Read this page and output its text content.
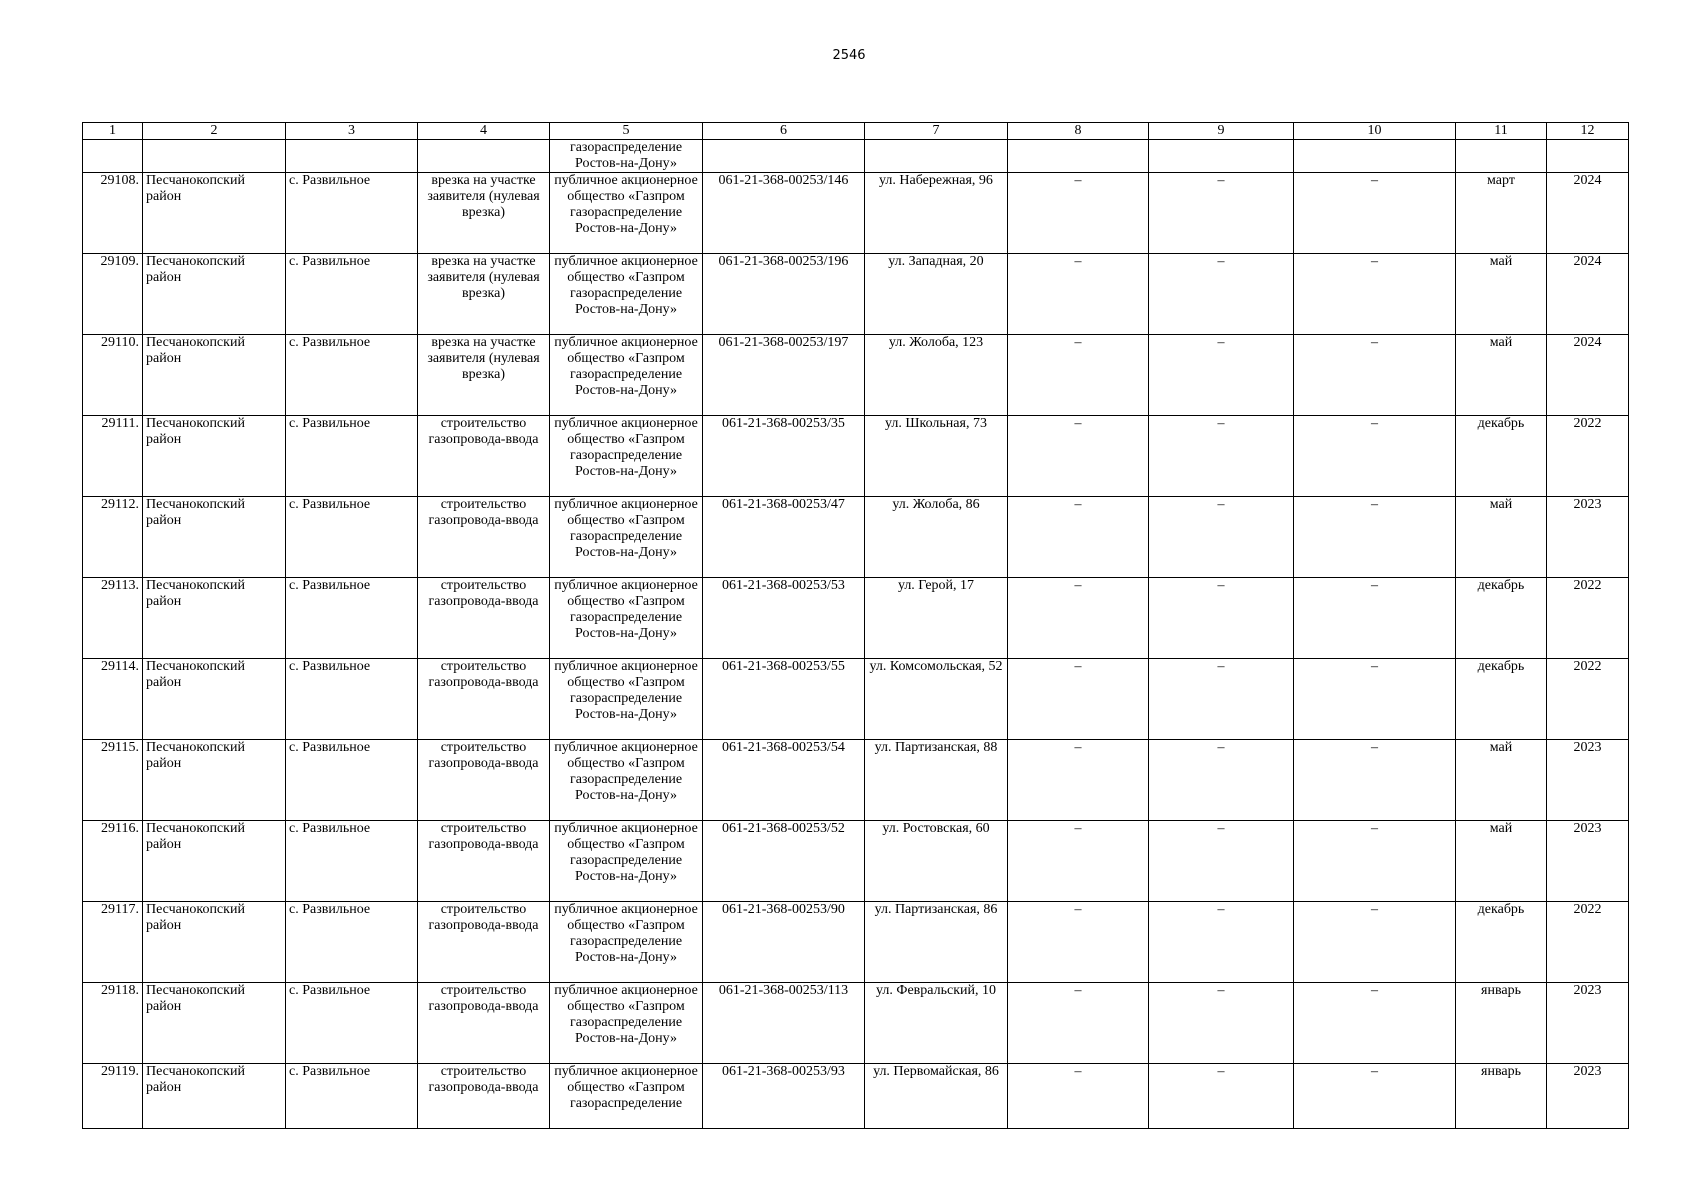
2546
1	2	3	4	5	6	7	8	9	10	11	12
				газораспределение Ростов-на-Дону»							
29108.	Песчанокопский район	с. Развильное	врезка на участке заявителя (нулевая врезка)	публичное акционерное общество «Газпром газораспределение Ростов-на-Дону»	061-21-368-00253/146	ул. Набережная, 96	–	–	–	март	2024
29109.	Песчанокопский район	с. Развильное	врезка на участке заявителя (нулевая врезка)	публичное акционерное общество «Газпром газораспределение Ростов-на-Дону»	061-21-368-00253/196	ул. Западная, 20	–	–	–	май	2024
29110.	Песчанокопский район	с. Развильное	врезка на участке заявителя (нулевая врезка)	публичное акционерное общество «Газпром газораспределение Ростов-на-Дону»	061-21-368-00253/197	ул. Жолоба, 123	–	–	–	май	2024
29111.	Песчанокопский район	с. Развильное	строительство газопровода-ввода	публичное акционерное общество «Газпром газораспределение Ростов-на-Дону»	061-21-368-00253/35	ул. Школьная, 73	–	–	–	декабрь	2022
29112.	Песчанокопский район	с. Развильное	строительство газопровода-ввода	публичное акционерное общество «Газпром газораспределение Ростов-на-Дону»	061-21-368-00253/47	ул. Жолоба, 86	–	–	–	май	2023
29113.	Песчанокопский район	с. Развильное	строительство газопровода-ввода	публичное акционерное общество «Газпром газораспределение Ростов-на-Дону»	061-21-368-00253/53	ул. Герой, 17	–	–	–	декабрь	2022
29114.	Песчанокопский район	с. Развильное	строительство газопровода-ввода	публичное акционерное общество «Газпром газораспределение Ростов-на-Дону»	061-21-368-00253/55	ул. Комсомольская, 52	–	–	–	декабрь	2022
29115.	Песчанокопский район	с. Развильное	строительство газопровода-ввода	публичное акционерное общество «Газпром газораспределение Ростов-на-Дону»	061-21-368-00253/54	ул. Партизанская, 88	–	–	–	май	2023
29116.	Песчанокопский район	с. Развильное	строительство газопровода-ввода	публичное акционерное общество «Газпром газораспределение Ростов-на-Дону»	061-21-368-00253/52	ул. Ростовская, 60	–	–	–	май	2023
29117.	Песчанокопский район	с. Развильное	строительство газопровода-ввода	публичное акционерное общество «Газпром газораспределение Ростов-на-Дону»	061-21-368-00253/90	ул. Партизанская, 86	–	–	–	декабрь	2022
29118.	Песчанокопский район	с. Развильное	строительство газопровода-ввода	публичное акционерное общество «Газпром газораспределение Ростов-на-Дону»	061-21-368-00253/113	ул. Февральский, 10	–	–	–	январь	2023
29119.	Песчанокопский район	с. Развильное	строительство газопровода-ввода	публичное акционерное общество «Газпром газораспределение	061-21-368-00253/93	ул. Первомайская, 86	–	–	–	январь	2023
